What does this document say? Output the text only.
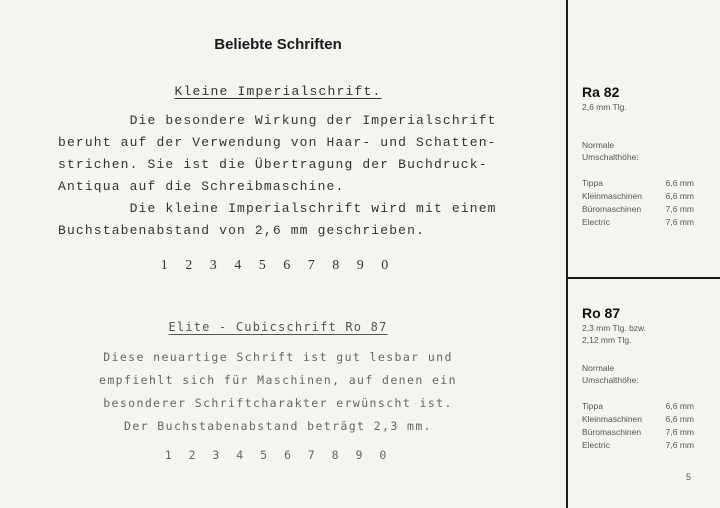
Beliebte Schriften
Kleine Imperialschrift.
Die besondere Wirkung der Imperialschrift
beruht auf der Verwendung von Haar- und Schatten-
strichen. Sie ist die Übertragung der Buchdruck-
Antiqua auf die Schreibmaschine.
Die kleine Imperialschrift wird mit einem
Buchstabenabstand von 2,6 mm geschrieben.
1 2 3 4 5 6 7 8 9 0
Elite - Cubicschrift Ro 87
Diese neuartige Schrift ist gut lesbar und
empfiehlt sich für Maschinen, auf denen ein
besonderer Schriftcharakter erwünscht ist.
Der Buchstabenabstand beträgt 2,3 mm.
1 2 3 4 5 6 7 8 9 0
Ra 82
2,6 mm Tlg.
Normale
Umschalthöhe:
Tippa	6,6 mm
Kleinmaschinen	6,6 mm
Büromaschinen	7,6 mm
Electric	7,6 mm
Ro 87
2,3 mm Tlg. bzw.
2,12 mm Tlg.
Normale
Umschalthöhe:
Tippa	6,6 mm
Kleinmaschinen	6,6 mm
Büromaschinen	7,6 mm
Electric	7,6 mm
5
